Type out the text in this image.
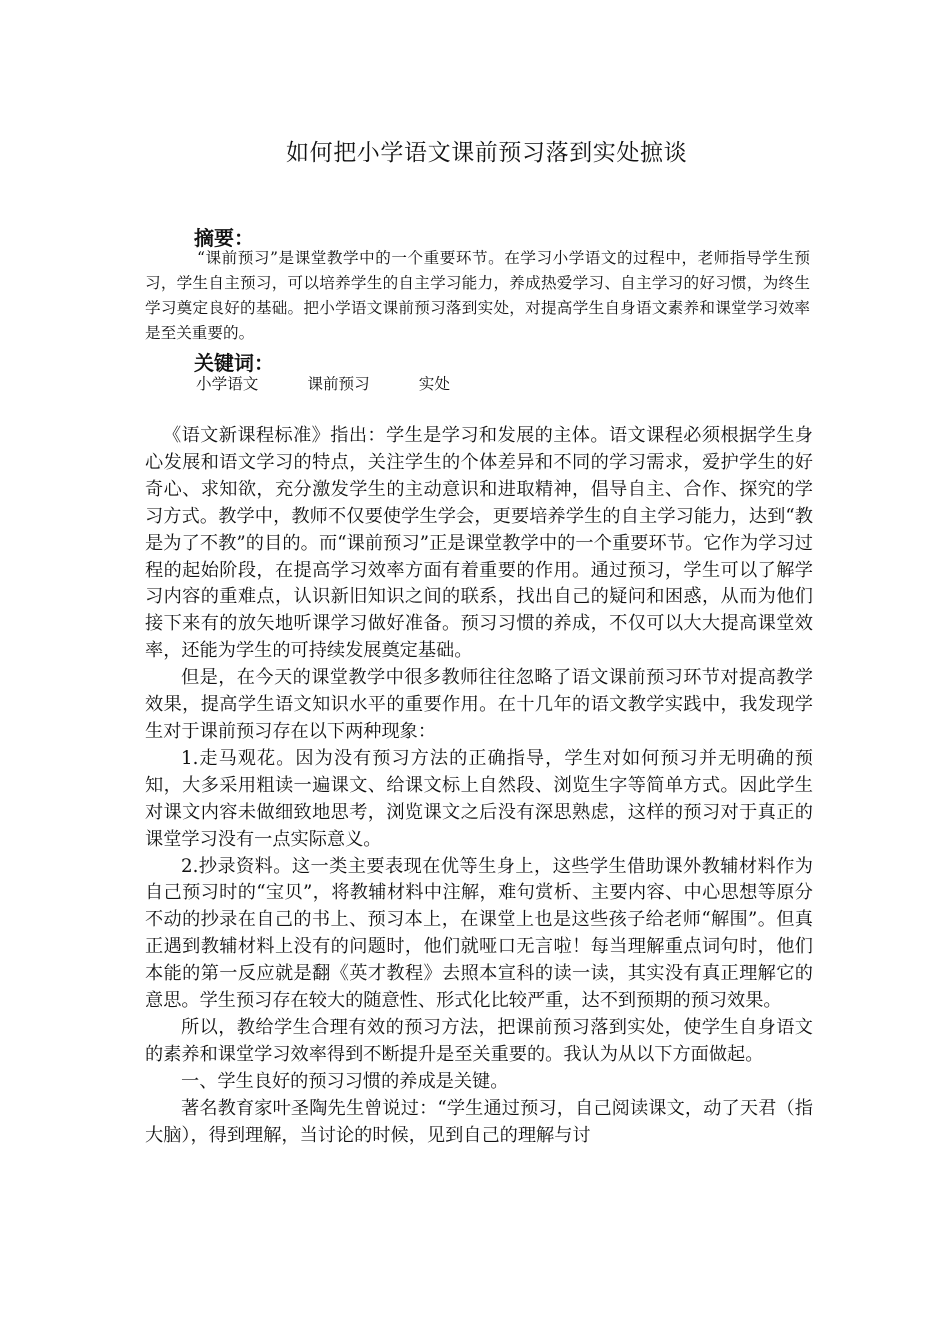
如何把小学语文课前预习落到实处摭谈
摘要：

“课前预习”是课堂教学中的一个重要环节。在学习小学语文的过程中，老师指导学生预习，学生自主预习，可以培养学生的自主学习能力，养成热爱学习、自主学习的好习惯，为终生学习奠定良好的基础。把小学语文课前预习落到实处，对提高学生自身语文素养和课堂学习效率是至关重要的。

关键词：
小学语文	课前预习	实处

《语文新课程标准》指出：学生是学习和发展的主体。语文课程必须根据学生身心发展和语文学习的特点，关注学生的个体差异和不同的学习需求，爱护学生的好奇心、求知欲，充分激发学生的主动意识和进取精神，倡导自主、合作、探究的学习方式。教学中，教师不仅要使学生学会，更要培养学生的自主学习能力，达到“教是为了不教”的目的。而“课前预习”正是课堂教学中的一个重要环节。它作为学习过程的起始阶段，在提高学习效率方面有着重要的作用。通过预习，学生可以了解学习内容的重难点，认识新旧知识之间的联系，找出自己的疑问和困惑，从而为他们接下来有的放矢地听课学习做好准备。预习习惯的养成，不仅可以大大提高课堂效率，还能为学生的可持续发展奠定基础。

但是，在今天的课堂教学中很多教师往往忽略了语文课前预习环节对提高教学效果，提高学生语文知识水平的重要作用。在十几年的语文教学实践中，我发现学生对于课前预习存在以下两种现象：

1.走马观花。因为没有预习方法的正确指导，学生对如何预习并无明确的预知，大多采用粗读一遍课文、给课文标上自然段、浏览生字等简单方式。因此学生对课文内容未做细致地思考，浏览课文之后没有深思熟虑，这样的预习对于真正的课堂学习没有一点实际意义。

2.抄录资料。这一类主要表现在优等生身上，这些学生借助课外教辅材料作为自己预习时的“宝贝”，将教辅材料中注解，难句赏析、主要内容、中心思想等原分不动的抄录在自己的书上、预习本上，在课堂上也是这些孩子给老师“解围”。但真正遇到教辅材料上没有的问题时，他们就哑口无言啦！每当理解重点词句时，他们本能的第一反应就是翻《英才教程》去照本宣科的读一读，其实没有真正理解它的意思。学生预习存在较大的随意性、形式化比较严重，达不到预期的预习效果。

所以，教给学生合理有效的预习方法，把课前预习落到实处，使学生自身语文的素养和课堂学习效率得到不断提升是至关重要的。我认为从以下方面做起。

一、学生良好的预习习惯的养成是关键。

著名教育家叶圣陶先生曾说过：“学生通过预习，自己阅读课文，动了天君（指大脑），得到理解，当讨论的时候，见到自己的理解与讨
